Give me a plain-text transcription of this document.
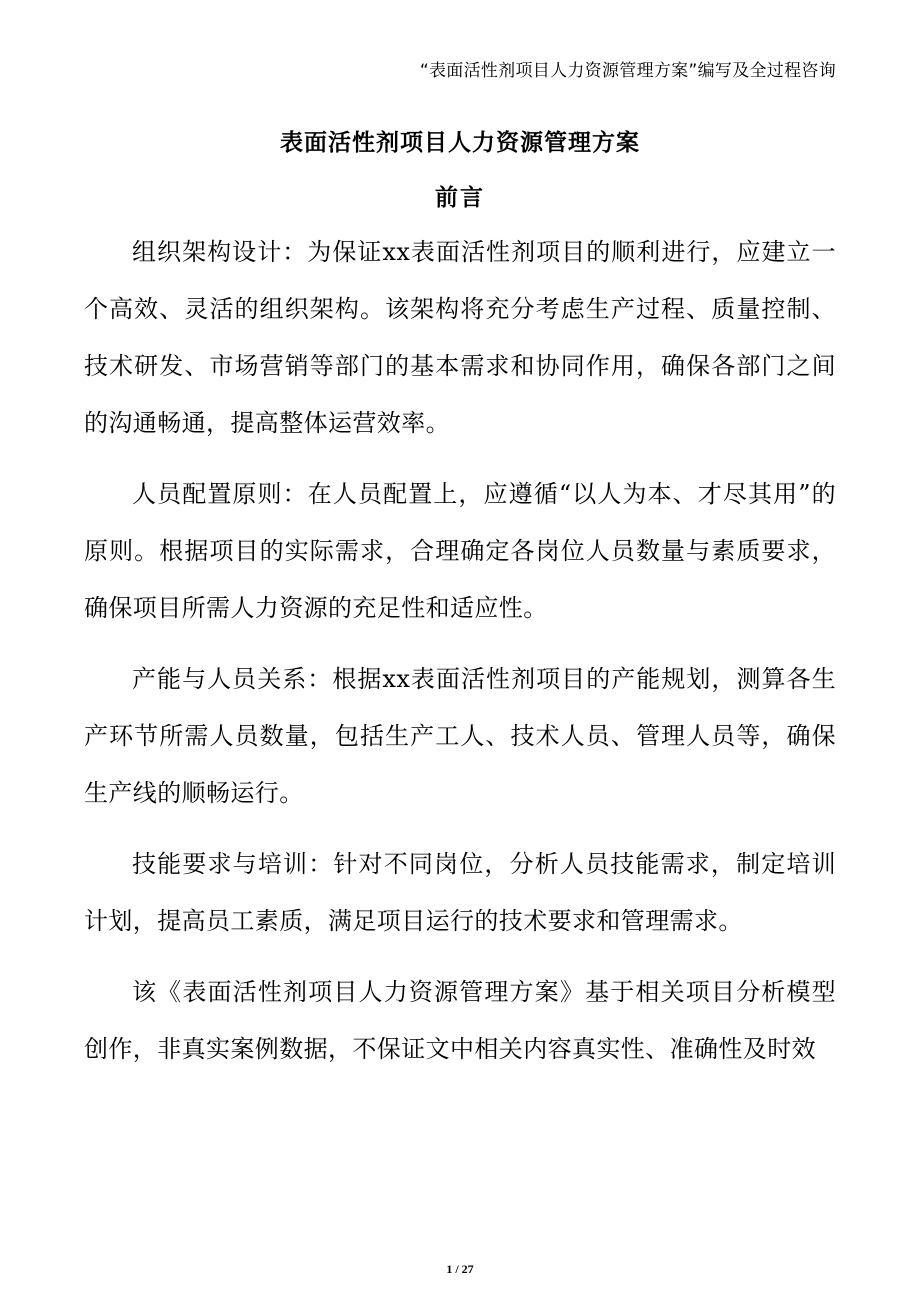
“表面活性剂项目人力资源管理方案”编写及全过程咨询
表面活性剂项目人力资源管理方案
前言

组织架构设计：为保证xx表面活性剂项目的顺利进行，应建立一个高效、灵活的组织架构。该架构将充分考虑生产过程、质量控制、技术研发、市场营销等部门的基本需求和协同作用，确保各部门之间的沟通畅通，提高整体运营效率。

人员配置原则：在人员配置上，应遵循“以人为本、才尽其用”的原则。根据项目的实际需求，合理确定各岗位人员数量与素质要求，确保项目所需人力资源的充足性和适应性。

产能与人员关系：根据xx表面活性剂项目的产能规划，测算各生产环节所需人员数量，包括生产工人、技术人员、管理人员等，确保生产线的顺畅运行。

技能要求与培训：针对不同岗位，分析人员技能需求，制定培训计划，提高员工素质，满足项目运行的技术要求和管理需求。

该《表面活性剂项目人力资源管理方案》基于相关项目分析模型创作，非真实案例数据，不保证文中相关内容真实性、准确性及时效

1 / 27
